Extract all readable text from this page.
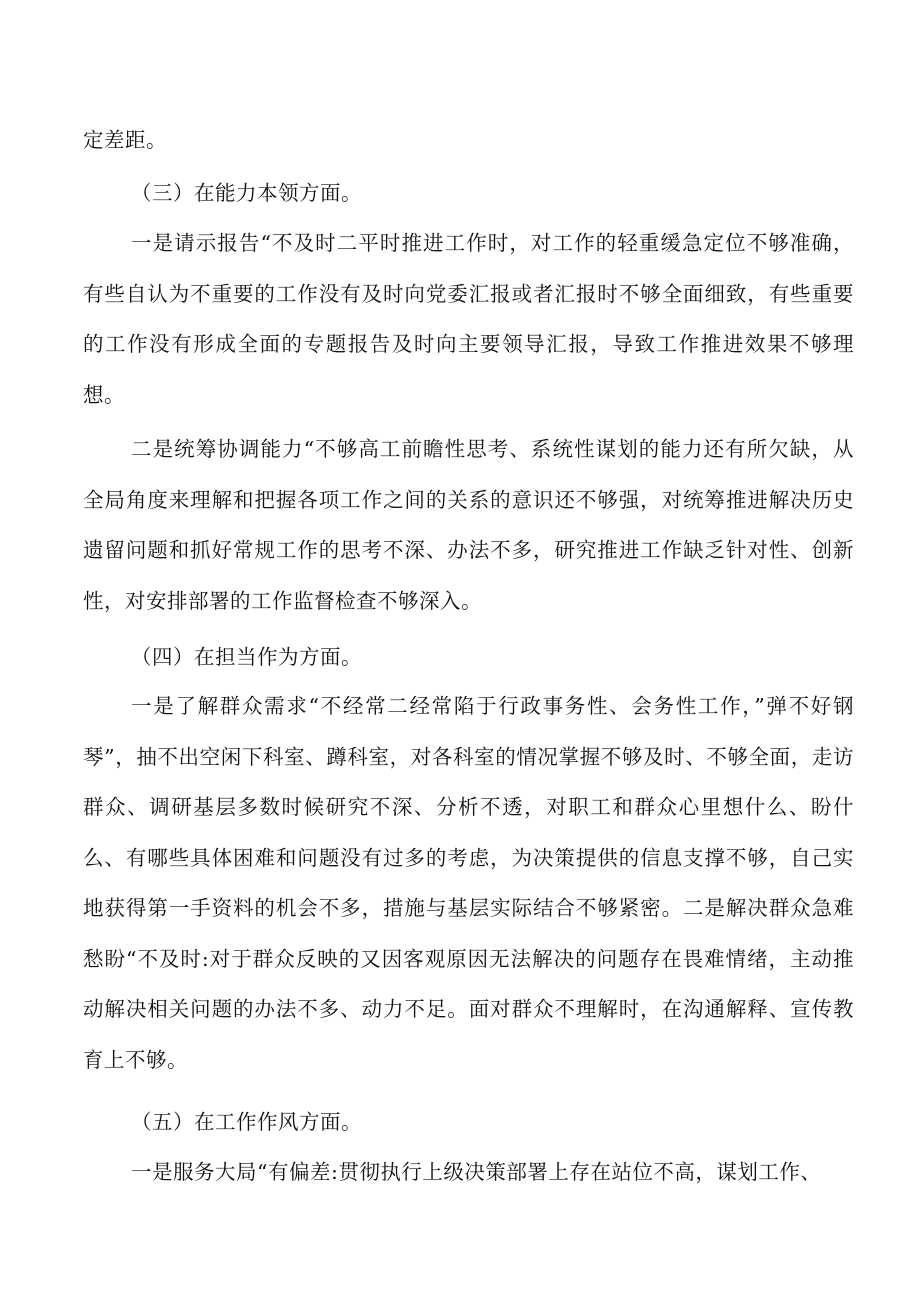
定差距。

（三）在能力本领方面。

一是请示报告“不及时二平时推进工作时，对工作的轻重缓急定位不够准确，有些自认为不重要的工作没有及时向党委汇报或者汇报时不够全面细致，有些重要的工作没有形成全面的专题报告及时向主要领导汇报，导致工作推进效果不够理想。

二是统筹协调能力“不够高工前瞻性思考、系统性谋划的能力还有所欠缺，从全局角度来理解和把握各项工作之间的关系的意识还不够强，对统筹推进解决历史遗留问题和抓好常规工作的思考不深、办法不多，研究推进工作缺乏针对性、创新性，对安排部署的工作监督检查不够深入。

（四）在担当作为方面。

一是了解群众需求“不经常二经常陷于行政事务性、会务性工作，”弹不好钢琴”，抽不出空闲下科室、蹲科室，对各科室的情况掌握不够及时、不够全面，走访群众、调研基层多数时候研究不深、分析不透，对职工和群众心里想什么、盼什么、有哪些具体困难和问题没有过多的考虑，为决策提供的信息支撑不够，自己实地获得第一手资料的机会不多，措施与基层实际结合不够紧密。二是解决群众急难愁盼“不及时:对于群众反映的又因客观原因无法解决的问题存在畏难情绪，主动推动解决相关问题的办法不多、动力不足。面对群众不理解时，在沟通解释、宣传教育上不够。

（五）在工作作风方面。

一是服务大局“有偏差:贯彻执行上级决策部署上存在站位不高，谋划工作、
